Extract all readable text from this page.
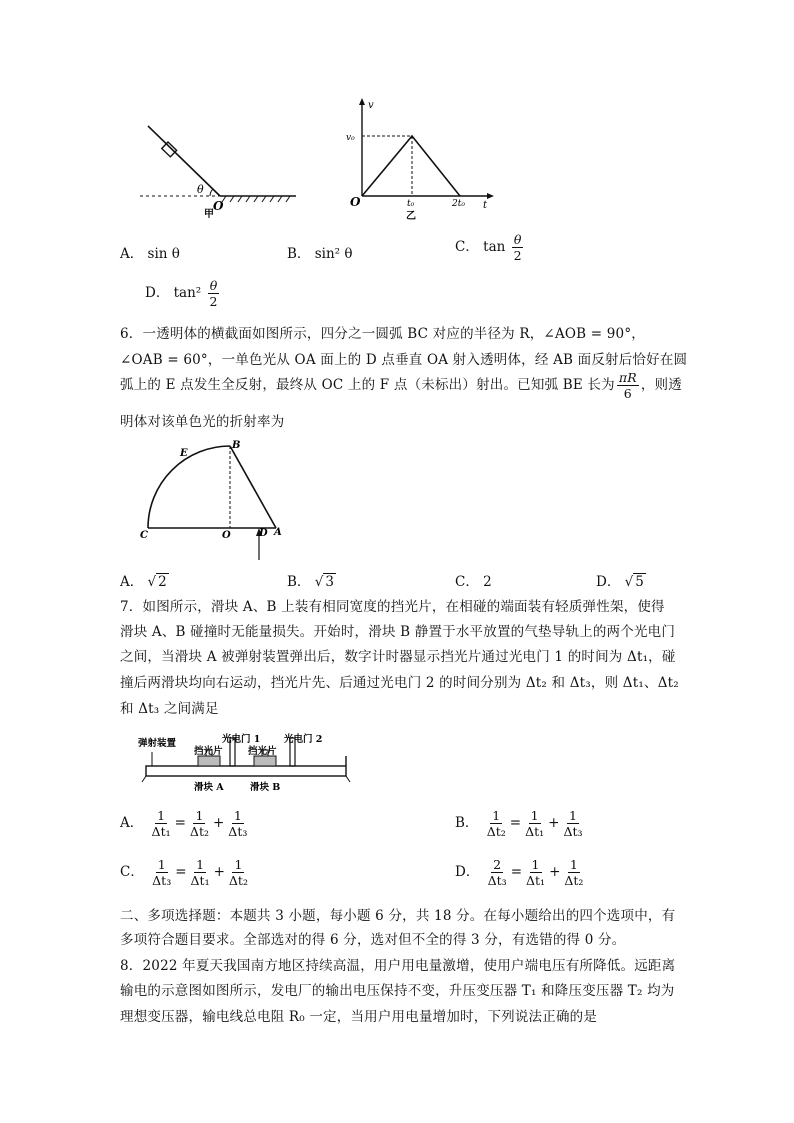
θ
O
甲
v
t
v₀
t₀	2t₀
O
乙
A． sin θ	B． sin² θ	C． $\tan \frac{\theta}{2}$
D． $\tan^2 \frac{\theta}{2}$
6．一透明体的横截面如图所示，四分之一圆弧 BC 对应的半径为 R，∠AOB = 90°，
∠OAB = 60°，一单色光从 OA 面上的 D 点垂直 OA 射入透明体，经 AB 面反射后恰好在圆
弧上的 E 点发生全反射，最终从 OC 上的 F 点（未标出）射出。已知弧 BE 长为 $\frac{\pi R}{6}$ ，则透
明体对该单色光的折射率为
E
B
C	O	D A
A． √ 2	B． √ 3	C． 2	D． √ 5
7．如图所示，滑块 A、B 上装有相同宽度的挡光片，在相碰的端面装有轻质弹性架，使得
滑块 A、B 碰撞时无能量损失。开始时，滑块 B 静置于水平放置的气垫导轨上的两个光电门
之间，当滑块 A 被弹射装置弹出后，数字计时器显示挡光片通过光电门 1 的时间为 Δt₁，碰
撞后两滑块均向右运动，挡光片先、后通过光电门 2 的时间分别为 Δt₂ 和 Δt₃，则 Δt₁、Δt₂
和 Δt₃ 之间满足
弹射装置	光电门 1 光电门 2
挡光片	挡光片
滑块 A	滑块 B
A． $\frac{1}{\text{Δt₁}} = \frac{1}{\text{Δt₂}} + \frac{1}{\text{Δt₃}}$	B． $\frac{1}{\text{Δt₂}} = \frac{1}{\text{Δt₁}} + \frac{1}{\text{Δt₃}}$
C． $\frac{1}{\text{Δt₃}} = \frac{1}{\text{Δt₁}} + \frac{1}{\text{Δt₂}}$	D． $\frac{2}{\text{Δt₃}} = \frac{1}{\text{Δt₁}} + \frac{1}{\text{Δt₂}}$
二、多项选择题：本题共 3 小题，每小题 6 分，共 18 分。在每小题给出的四个选项中，有
多项符合题目要求。全部选对的得 6 分，选对但不全的得 3 分，有选错的得 0 分。
8．2022 年夏天我国南方地区持续高温，用户用电量激增，使用户端电压有所降低。远距离
输电的示意图如图所示，发电厂的输出电压保持不变，升压变压器 T₁ 和降压变压器 T₂ 均为
理想变压器，输电线总电阻 R₀ 一定，当用户用电量增加时，下列说法正确的是
